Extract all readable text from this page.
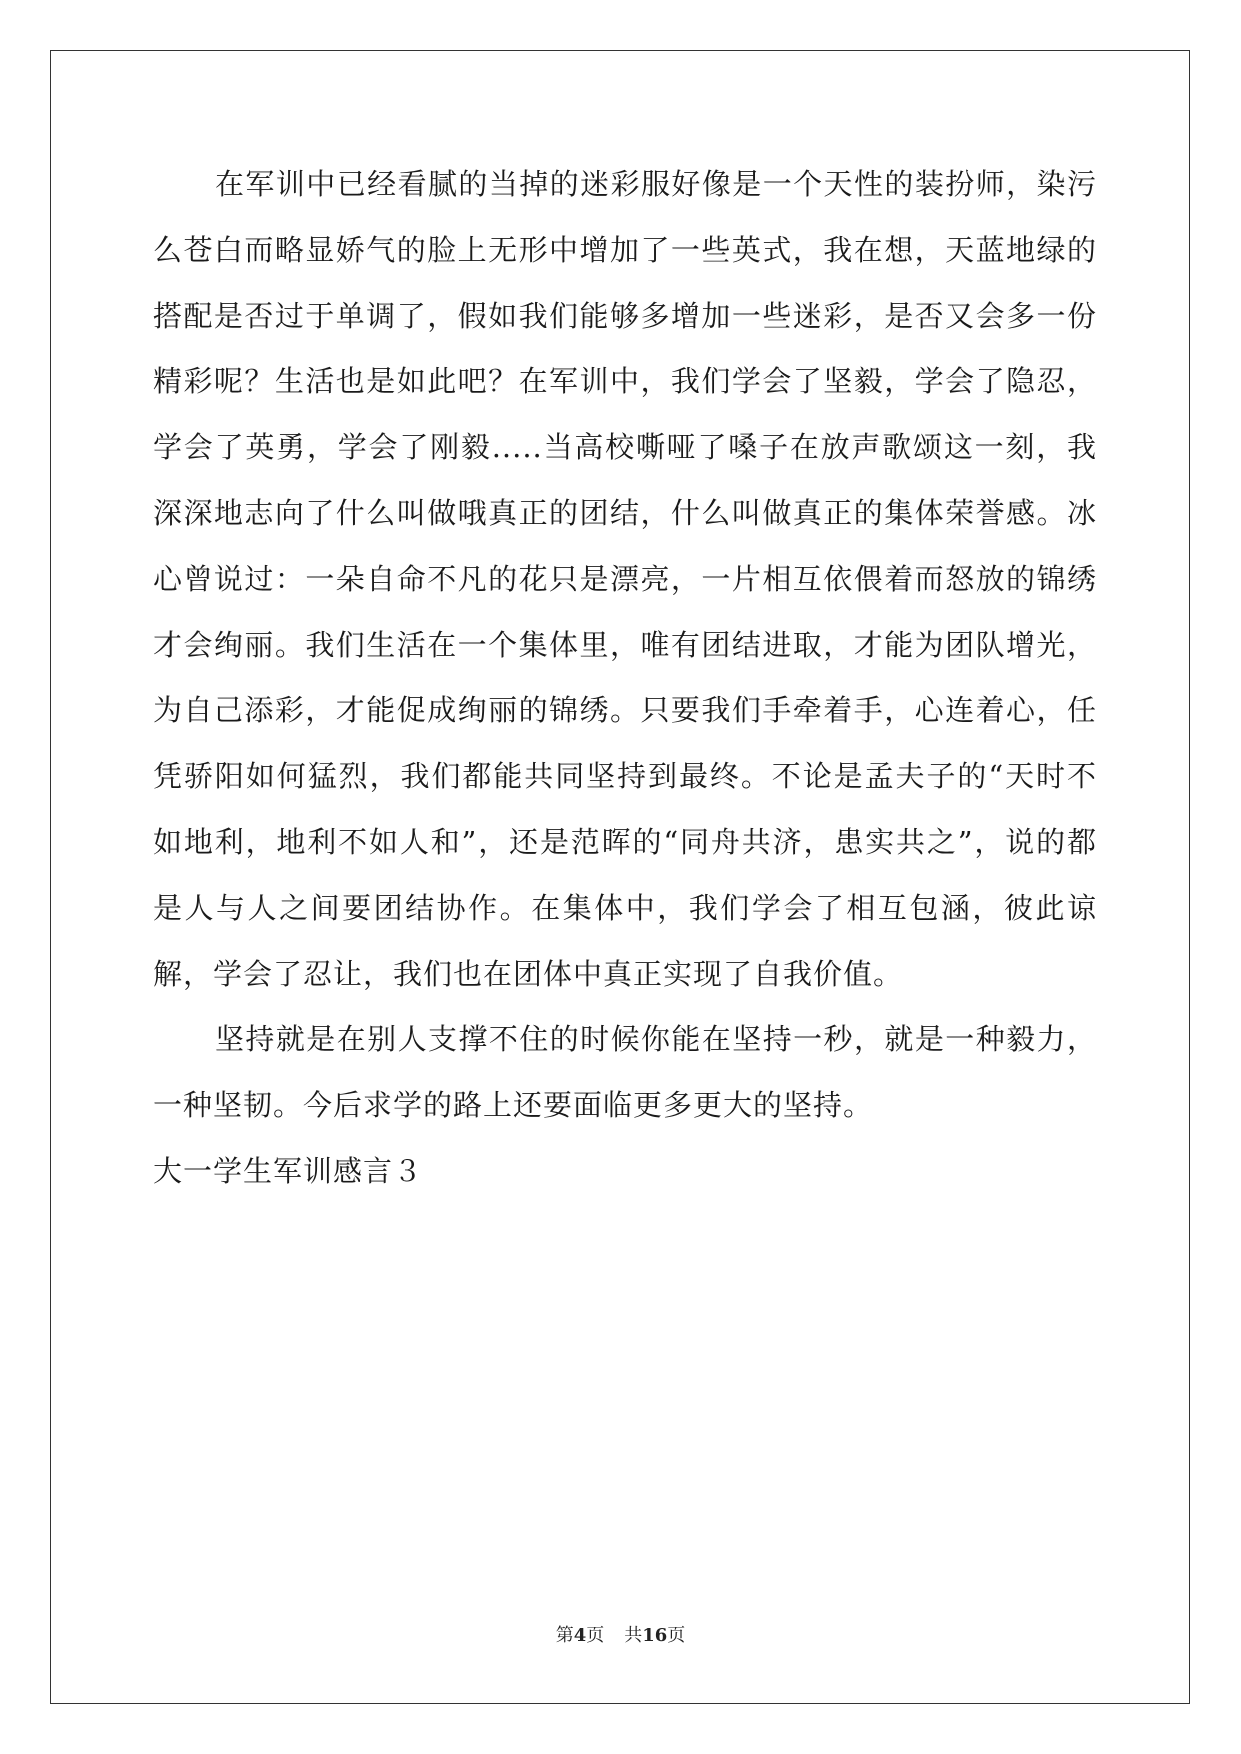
在军训中已经看腻的当掉的迷彩服好像是一个天性的装扮师，染污么苍白而略显娇气的脸上无形中增加了一些英式，我在想，天蓝地绿的搭配是否过于单调了，假如我们能够多增加一些迷彩，是否又会多一份精彩呢？生活也是如此吧？在军训中，我们学会了坚毅，学会了隐忍，学会了英勇，学会了刚毅.....当高校嘶哑了嗓子在放声歌颂这一刻，我深深地志向了什么叫做哦真正的团结，什么叫做真正的集体荣誉感。冰心曾说过：一朵自命不凡的花只是漂亮，一片相互依偎着而怒放的锦绣才会绚丽。我们生活在一个集体里，唯有团结进取，才能为团队增光，为自己添彩，才能促成绚丽的锦绣。只要我们手牵着手，心连着心，任凭骄阳如何猛烈，我们都能共同坚持到最终。不论是孟夫子的“天时不如地利，地利不如人和”，还是范晖的“同舟共济，患实共之”，说的都是人与人之间要团结协作。在集体中，我们学会了相互包涵，彼此谅解，学会了忍让，我们也在团体中真正实现了自我价值。

坚持就是在别人支撑不住的时候你能在坚持一秒，就是一种毅力，一种坚韧。今后求学的路上还要面临更多更大的坚持。

大一学生军训感言３

第4页 共16页
